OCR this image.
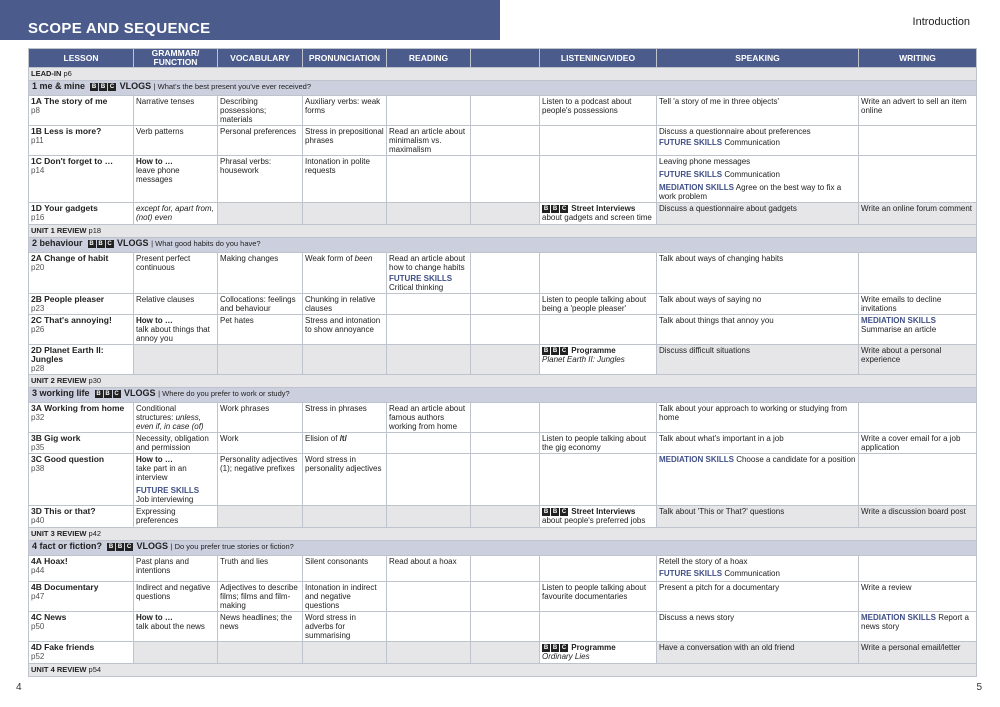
SCOPE AND SEQUENCE	Introduction
4	5
LESSON	GRAMMAR/ FUNCTION	VOCABULARY	PRONUNCIATION	READING		LISTENING/VIDEO	SPEAKING	WRITING
LEAD-IN p6								
1 me & mine B B C VLOGS | What's the best present you've ever received?								
1A The story of me
p8	Narrative tenses	Describing possessions; materials	Auxiliary verbs: weak forms			Listen to a podcast about people's possessions	Tell 'a story of me in three objects'	Write an advert to sell an item online
1B Less is more?
p11	Verb patterns	Personal preferences	Stress in prepositional phrases	Read an article about minimalism vs. maximalism			Discuss a questionnaire about preferences
FUTURE SKILLS Communication	

1C Don't forget to …
p14	How to …
leave phone messages	Phrasal verbs: housework	Intonation in polite requests				Leaving phone messages
FUTURE SKILLS Communication
MEDIATION SKILLS Agree on the best way to fix a work problem	

1D Your gadgets
p16	except for, apart from, (not) even					B B C Street Interviews
about gadgets and screen time	Discuss a questionnaire about gadgets	Write an online forum comment
UNIT 1 REVIEW p18								
2 behaviour B B C VLOGS | What good habits do you have?								
2A Change of habit
p20	Present perfect continuous	Making changes	Weak form of been	Read an article about how to change habits
FUTURE SKILLS
Critical thinking			Talk about ways of changing habits	
2B People pleaser
p23	Relative clauses	Collocations: feelings and behaviour	Chunking in relative clauses			Listen to people talking about being a 'people pleaser'	Talk about ways of saying no	Write emails to decline invitations
2C That's annoying!
p26	How to …
talk about things that annoy you	Pet hates	Stress and intonation to show annoyance				Talk about things that annoy you	MEDIATION SKILLS
Summarise an article
2D Planet Earth II: Jungles
p28						B B C Programme
Planet Earth II: Jungles	Discuss difficult situations	Write about a personal experience
UNIT 2 REVIEW p30								
3 working life B B C VLOGS | Where do you prefer to work or study?								
3A Working from home
p32	Conditional structures: unless, even if, in case (of)	Work phrases	Stress in phrases	Read an article about famous authors working from home			Talk about your approach to working or studying from home	
3B Gig work
p35	Necessity, obligation and permission	Work	Elision of /t/			Listen to people talking about the gig economy	Talk about what's important in a job	Write a cover email for a job application
3C Good question
p38	How to …
take part in an interview
FUTURE SKILLS
Job interviewing	Personality adjectives (1); negative prefixes	Word stress in personality adjectives				MEDIATION SKILLS Choose a candidate for a position	
3D This or that?
p40	Expressing preferences					B B C Street Interviews
about people's preferred jobs	Talk about 'This or That?' questions	Write a discussion board post
UNIT 3 REVIEW p42								
4 fact or fiction? B B C VLOGS | Do you prefer true stories or fiction?								
4A Hoax!
p44	Past plans and intentions	Truth and lies	Silent consonants	Read about a hoax			Retell the story of a hoax
FUTURE SKILLS Communication	

4B Documentary
p47	Indirect and negative questions	Adjectives to describe films; films and film-making	Intonation in indirect and negative questions			Listen to people talking about favourite documentaries	Present a pitch for a documentary	Write a review
4C News
p50	How to …
talk about the news	News headlines; the news	Word stress in adverbs for summarising				Discuss a news story	MEDIATION SKILLS Report a news story
4D Fake friends
p52						B B C Programme
Ordinary Lies	Have a conversation with an old friend	Write a personal email/letter
UNIT 4 REVIEW p54								
